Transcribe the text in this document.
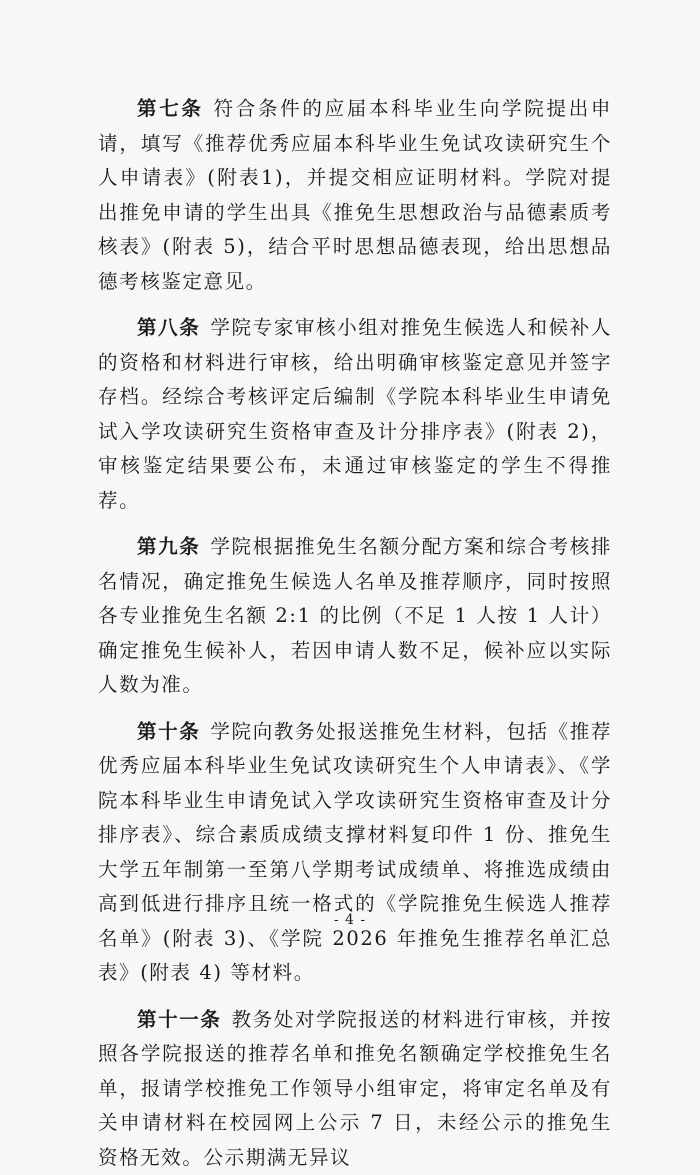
第七条 符合条件的应届本科毕业生向学院提出申请，填写《推荐优秀应届本科毕业生免试攻读研究生个人申请表》(附表1)，并提交相应证明材料。学院对提出推免申请的学生出具《推免生思想政治与品德素质考核表》(附表 5)，结合平时思想品德表现，给出思想品德考核鉴定意见。

第八条 学院专家审核小组对推免生候选人和候补人的资格和材料进行审核，给出明确审核鉴定意见并签字存档。经综合考核评定后编制《学院本科毕业生申请免试入学攻读研究生资格审查及计分排序表》(附表 2)，审核鉴定结果要公布，未通过审核鉴定的学生不得推荐。

第九条 学院根据推免生名额分配方案和综合考核排名情况，确定推免生候选人名单及推荐顺序，同时按照各专业推免生名额 2:1 的比例（不足 1 人按 1 人计）确定推免生候补人，若因申请人数不足，候补应以实际人数为准。

第十条 学院向教务处报送推免生材料，包括《推荐优秀应届本科毕业生免试攻读研究生个人申请表》、《学院本科毕业生申请免试入学攻读研究生资格审查及计分排序表》、综合素质成绩支撑材料复印件 1 份、推免生大学五年制第一至第八学期考试成绩单、将推选成绩由高到低进行排序且统一格式的《学院推免生候选人推荐名单》(附表 3)、《学院 2026 年推免生推荐名单汇总表》(附表 4) 等材料。

第十一条 教务处对学院报送的材料进行审核，并按照各学院报送的推荐名单和推免名额确定学校推免生名单，报请学校推免工作领导小组审定，将审定名单及有关申请材料在校园网上公示 7 日，未经公示的推免生资格无效。公示期满无异议

- 4 -
